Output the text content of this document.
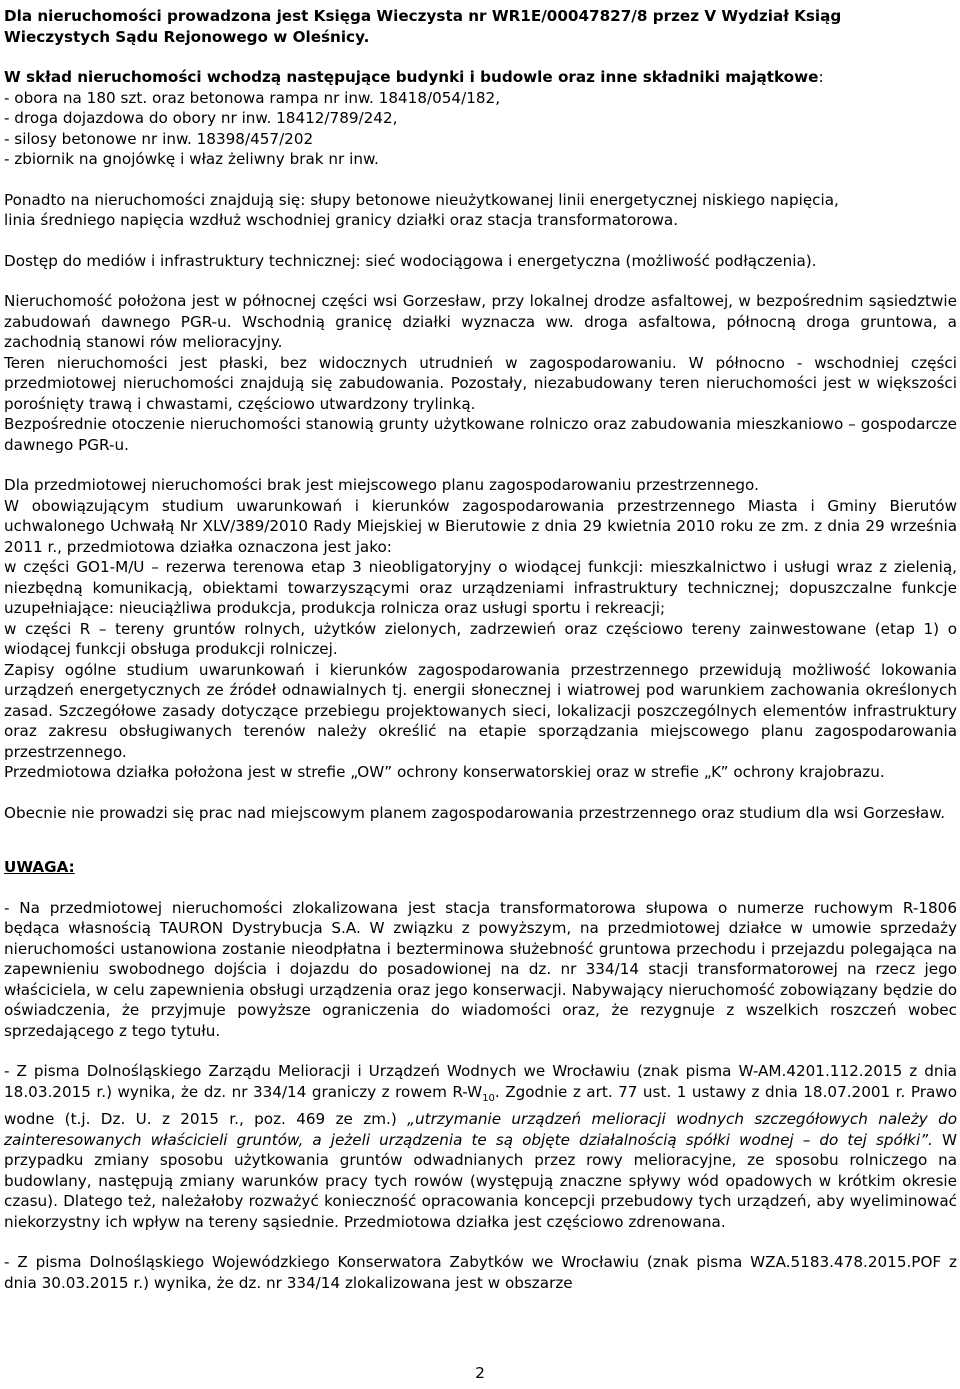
Dla nieruchomości prowadzona jest Księga Wieczysta nr WR1E/00047827/8 przez V Wydział Ksiąg

Wieczystych Sądu Rejonowego w Oleśnicy.

W skład nieruchomości wchodzą następujące budynki i budowle oraz inne składniki majątkowe:

- obora na 180 szt. oraz betonowa rampa nr inw. 18418/054/182,

- droga dojazdowa do obory nr inw. 18412/789/242,

- silosy betonowe nr inw. 18398/457/202

- zbiornik na gnojówkę i właz żeliwny brak nr inw.

Ponadto na nieruchomości znajdują się: słupy betonowe nieużytkowanej linii energetycznej niskiego napięcia,

linia średniego napięcia wzdłuż wschodniej granicy działki oraz stacja transformatorowa.

Dostęp do mediów i infrastruktury technicznej: sieć wodociągowa i energetyczna (możliwość podłączenia).

Nieruchomość położona jest w północnej części wsi Gorzesław, przy lokalnej drodze asfaltowej, w bezpośrednim sąsiedztwie zabudowań dawnego PGR-u. Wschodnią granicę działki wyznacza ww. droga asfaltowa, północną droga gruntowa, a zachodnią stanowi rów melioracyjny.

Teren nieruchomości jest płaski, bez widocznych utrudnień w zagospodarowaniu. W północno - wschodniej części przedmiotowej nieruchomości znajdują się zabudowania. Pozostały, niezabudowany teren nieruchomości jest w większości porośnięty trawą i chwastami, częściowo utwardzony trylinką.

Bezpośrednie otoczenie nieruchomości stanowią grunty użytkowane rolniczo oraz zabudowania mieszkaniowo – gospodarcze dawnego PGR-u.

Dla przedmiotowej nieruchomości brak jest miejscowego planu zagospodarowaniu przestrzennego.

W obowiązującym studium uwarunkowań i kierunków zagospodarowania przestrzennego Miasta i Gminy Bierutów uchwalonego Uchwałą Nr XLV/389/2010 Rady Miejskiej w Bierutowie z dnia 29 kwietnia 2010 roku ze zm. z dnia 29 września 2011 r., przedmiotowa działka oznaczona jest jako:

w części GO1-M/U – rezerwa terenowa etap 3 nieobligatoryjny o wiodącej funkcji: mieszkalnictwo i usługi wraz z zielenią, niezbędną komunikacją, obiektami towarzyszącymi oraz urządzeniami infrastruktury technicznej; dopuszczalne funkcje uzupełniające: nieuciążliwa produkcja, produkcja rolnicza oraz usługi sportu i rekreacji;

w części R – tereny gruntów rolnych, użytków zielonych, zadrzewień oraz częściowo tereny zainwestowane (etap 1) o wiodącej funkcji obsługa produkcji rolniczej.

Zapisy ogólne studium uwarunkowań i kierunków zagospodarowania przestrzennego przewidują możliwość lokowania urządzeń energetycznych ze źródeł odnawialnych tj. energii słonecznej i wiatrowej pod warunkiem zachowania określonych zasad. Szczegółowe zasady dotyczące przebiegu projektowanych sieci, lokalizacji poszczególnych elementów infrastruktury oraz zakresu obsługiwanych terenów należy określić na etapie sporządzania miejscowego planu zagospodarowania przestrzennego.

Przedmiotowa działka położona jest w strefie „OW” ochrony konserwatorskiej oraz w strefie „K” ochrony krajobrazu.

Obecnie nie prowadzi się prac nad miejscowym planem zagospodarowania przestrzennego oraz studium dla wsi Gorzesław.

UWAGA:

- Na przedmiotowej nieruchomości zlokalizowana jest stacja transformatorowa słupowa o numerze ruchowym R-1806 będąca własnością TAURON Dystrybucja S.A. W związku z powyższym, na przedmiotowej działce w umowie sprzedaży nieruchomości ustanowiona zostanie nieodpłatna i bezterminowa służebność gruntowa przechodu i przejazdu polegająca na zapewnieniu swobodnego dojścia i dojazdu do posadowionej na dz. nr 334/14 stacji transformatorowej na rzecz jego właściciela, w celu zapewnienia obsługi urządzenia oraz jego konserwacji. Nabywający nieruchomość zobowiązany będzie do oświadczenia, że przyjmuje powyższe ograniczenia do wiadomości oraz, że rezygnuje z wszelkich roszczeń wobec sprzedającego z tego tytułu.

- Z pisma Dolnośląskiego Zarządu Melioracji i Urządzeń Wodnych we Wrocławiu (znak pisma W-AM.4201.112.2015 z dnia 18.03.2015 r.) wynika, że dz. nr 334/14 graniczy z rowem $R-W_{10}$. Zgodnie z art. 77 ust. 1 ustawy z dnia 18.07.2001 r. Prawo wodne (t.j. Dz. U. z 2015 r., poz. 469 ze zm.) „utrzymanie urządzeń melioracji wodnych szczegółowych należy do zainteresowanych właścicieli gruntów, a jeżeli urządzenia te są objęte działalnością spółki wodnej – do tej spółki”. W przypadku zmiany sposobu użytkowania gruntów odwadnianych przez rowy melioracyjne, ze sposobu rolniczego na budowlany, następują zmiany warunków pracy tych rowów (występują znaczne spływy wód opadowych w krótkim okresie czasu). Dlatego też, należałoby rozważyć konieczność opracowania koncepcji przebudowy tych urządzeń, aby wyeliminować niekorzystny ich wpływ na tereny sąsiednie. Przedmiotowa działka jest częściowo zdrenowana.

- Z pisma Dolnośląskiego Wojewódzkiego Konserwatora Zabytków we Wrocławiu (znak pisma WZA.5183.478.2015.POF z dnia 30.03.2015 r.) wynika, że dz. nr 334/14 zlokalizowana jest w obszarze

2
